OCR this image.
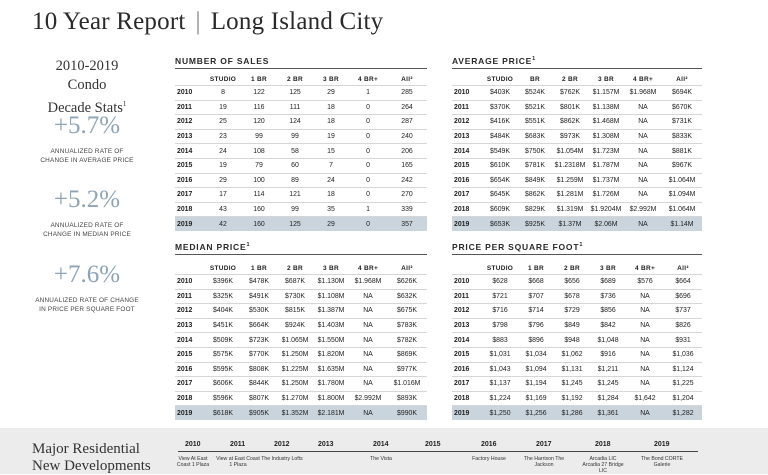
10 Year Report | Long Island City
2010-2019
Condo
Decade Stats$^1$
+5.7%
ANNUALIZED RATE OF
CHANGE IN AVERAGE PRICE
+5.2%
ANNUALIZED RATE OF
CHANGE IN MEDIAN PRICE
+7.6%
ANNUALIZED RATE OF CHANGE
IN PRICE PER SQUARE FOOT
NUMBER OF SALES
	STUDIO	1 BR	2 BR	3 BR	4 BR+	All²
2010	8	122	125	29	1	285
2011	19	116	111	18	0	264
2012	25	120	124	18	0	287
2013	23	99	99	19	0	240
2014	24	108	58	15	0	206
2015	19	79	60	7	0	165
2016	29	100	89	24	0	242
2017	17	114	121	18	0	270
2018	43	160	99	35	1	339
2019	42	160	125	29	0	357
AVERAGE PRICE$^1$
	STUDIO	BR	2 BR	3 BR	4 BR+	All²
2010	$403K	$524K	$762K	$1.157M	$1.968M	$694K
2011	$370K	$521K	$801K	$1.138M	NA	$670K
2012	$416K	$551K	$862K	$1.468M	NA	$731K
2013	$484K	$683K	$973K	$1.308M	NA	$833K
2014	$549K	$750K	$1.054M	$1.723M	NA	$881K
2015	$610K	$781K	$1.2318M	$1.787M	NA	$967K
2016	$654K	$849K	$1.259M	$1.737M	NA	$1.064M
2017	$645K	$862K	$1.281M	$1.726M	NA	$1.094M
2018	$609K	$829K	$1.319M	$1.9204M	$2.992M	$1.064M
2019	$653K	$925K	$1.37M	$2.06M	NA	$1.14M
MEDIAN PRICE$^1$
	STUDIO	1 BR	2 BR	3 BR	4 BR+	All²
2010	$396K	$478K	$687K	$1.130M	$1.968M	$626K
2011	$325K	$491K	$730K	$1.108M	NA	$632K
2012	$404K	$530K	$815K	$1.387M	NA	$675K
2013	$451K	$664K	$924K	$1.403M	NA	$783K
2014	$509K	$723K	$1.065M	$1.550M	NA	$782K
2015	$575K	$770K	$1.250M	$1.820M	NA	$869K
2016	$595K	$808K	$1.225M	$1.635M	NA	$977K
2017	$606K	$844K	$1.250M	$1.780M	NA	$1.016M
2018	$596K	$807K	$1.270M	$1.800M	$2.992M	$893K
2019	$618K	$905K	$1.352M	$2.181M	NA	$990K
PRICE PER SQUARE FOOT$^1$
	STUDIO	1 BR	2 BR	3 BR	4 BR+	All²
2010	$628	$668	$656	$689	$576	$664
2011	$721	$707	$678	$736	NA	$696
2012	$716	$714	$729	$856	NA	$737
2013	$798	$796	$849	$842	NA	$826
2014	$883	$896	$948	$1,048	NA	$931
2015	$1,031	$1,034	$1,062	$916	NA	$1,036
2016	$1,043	$1,094	$1,131	$1,211	NA	$1,124
2017	$1,137	$1,194	$1,245	$1,245	NA	$1,225
2018	$1,224	$1,169	$1,192	$1,284	$1,642	$1,204
2019	$1,250	$1,256	$1,286	$1,361	NA	$1,282
Major Residential
New Developments
2010
View At East Coast 1 Plaza
2011
View at East Coast 1 Plaza
2012
The Industry Lofts
2013	2014
The Vista
2015	2016
Factory House
2017
The Harrison The Jackson
2018
Arcadia LIC Arcadia 27 Bridge LIC
2019
The Bond CORTE Galerie
